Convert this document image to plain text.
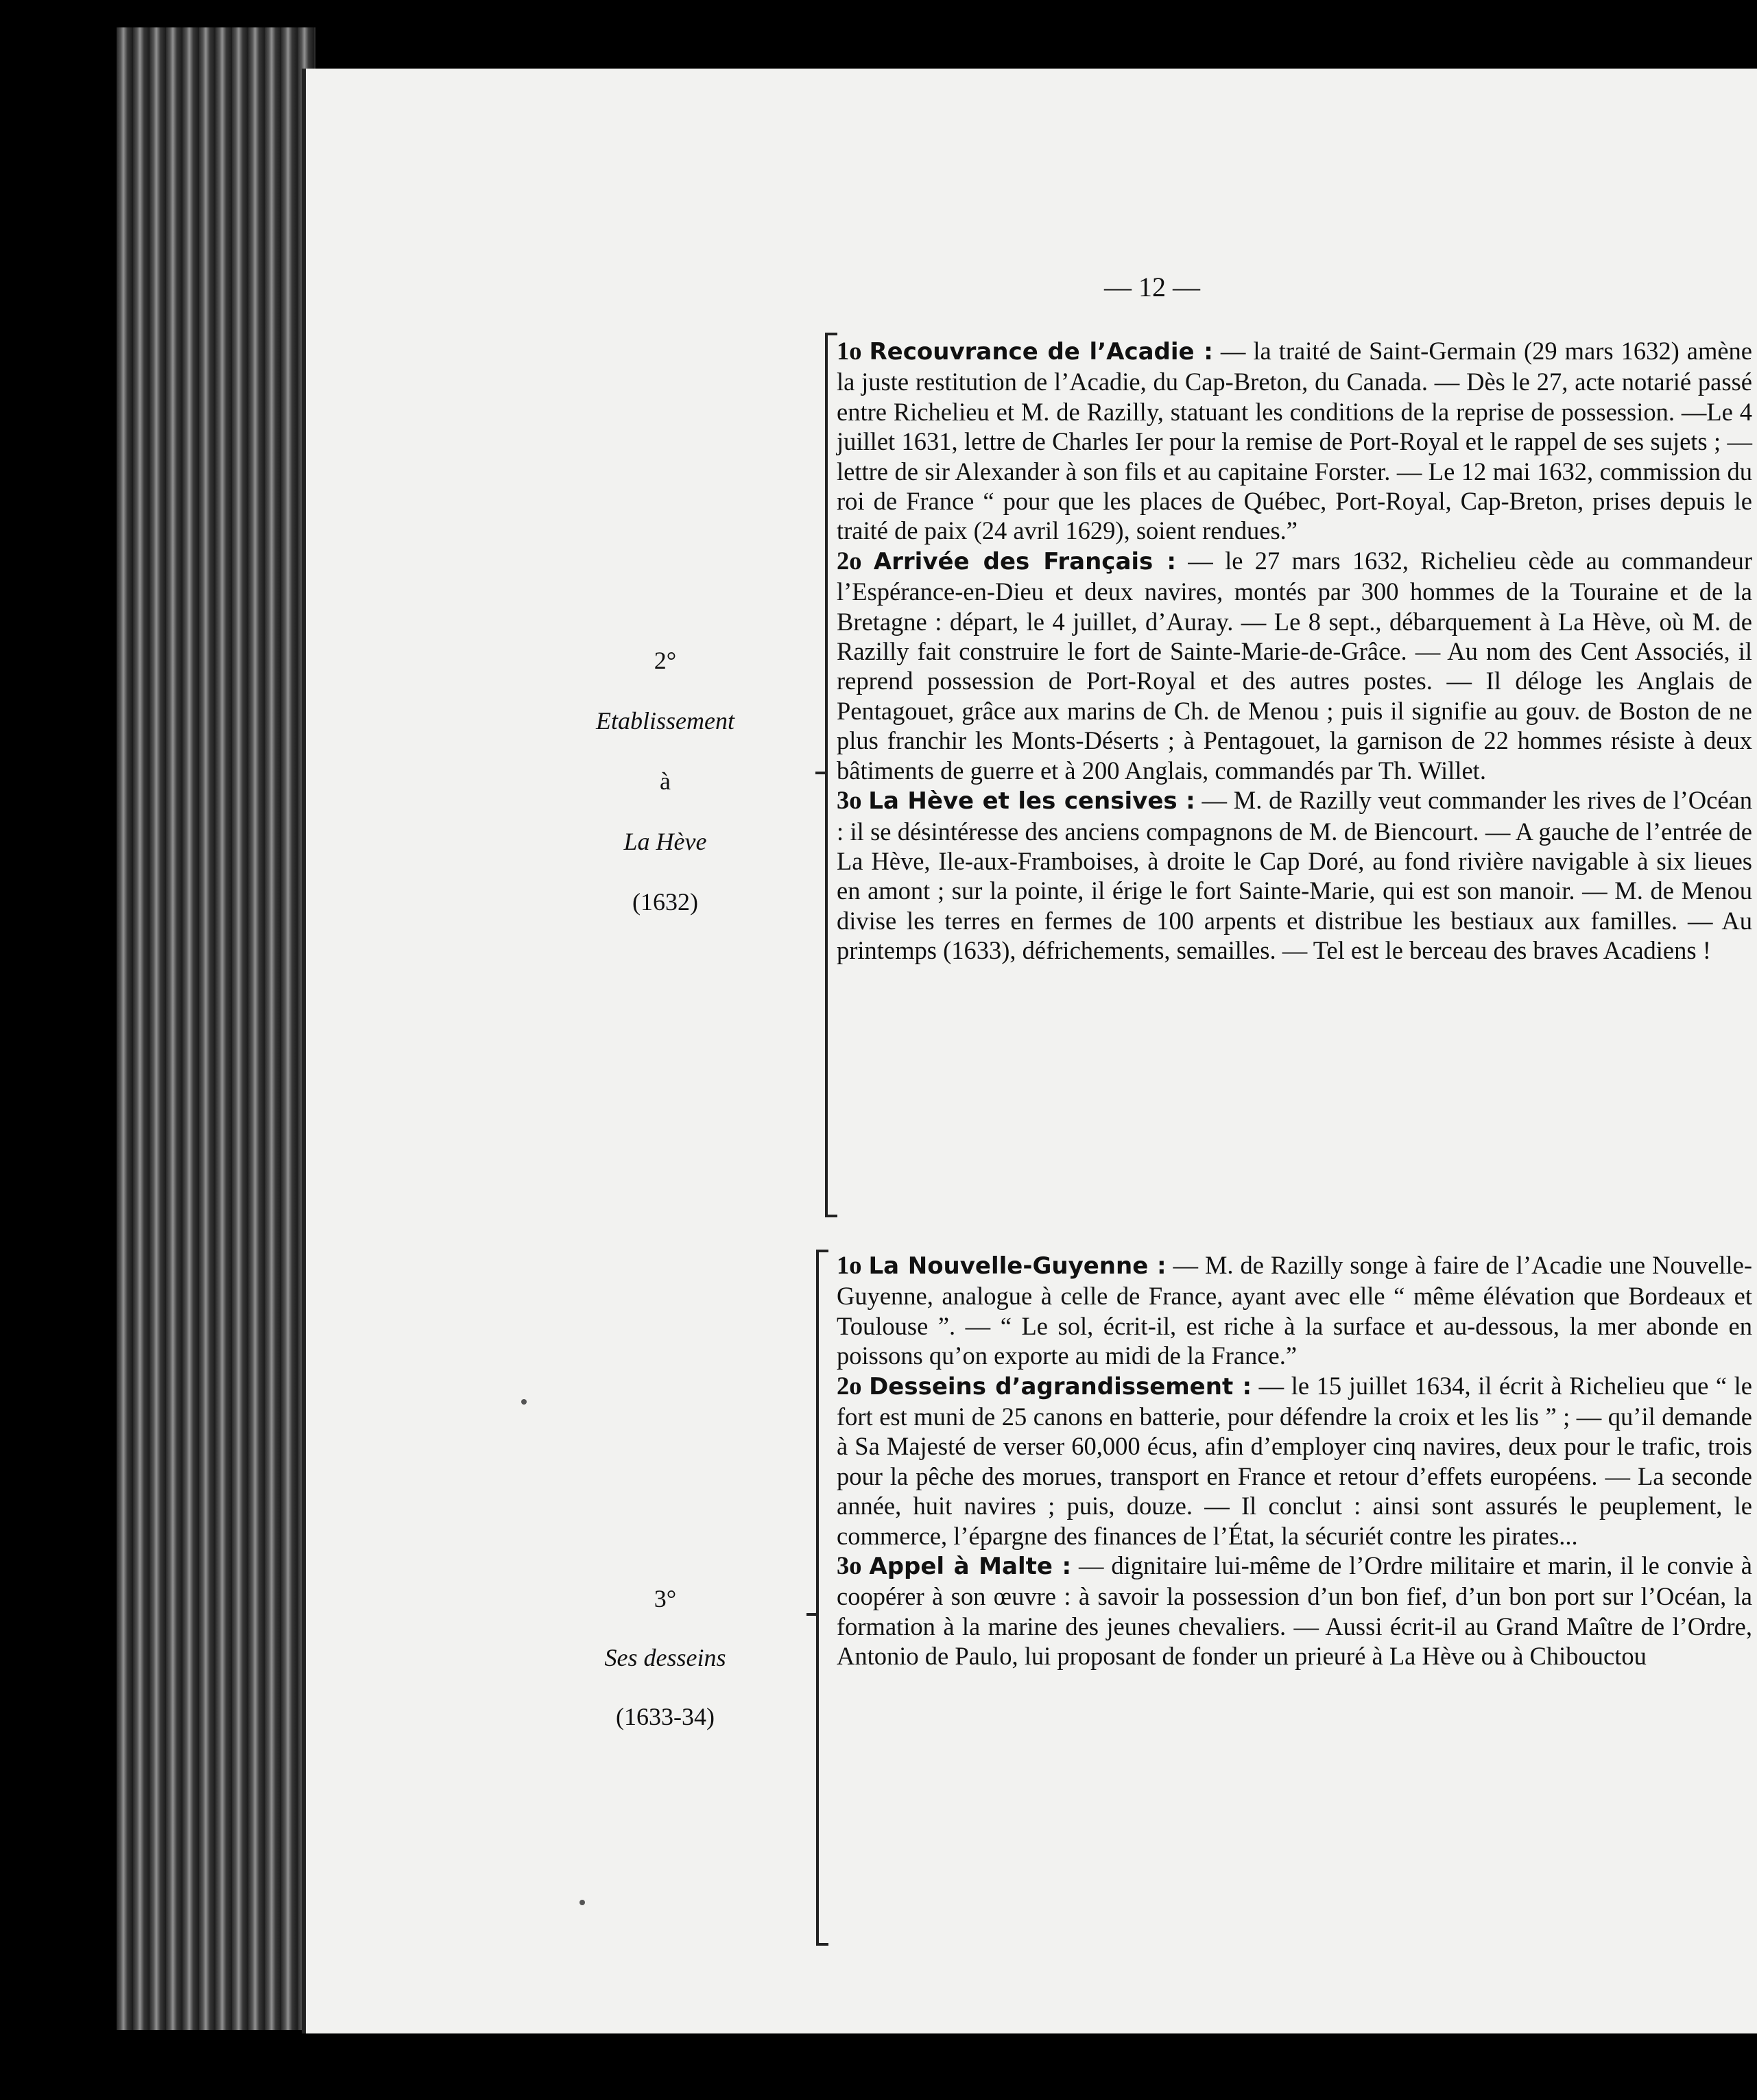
— 12 —
2°
Etablissement
à
La Hève
(1632)
3°
Ses desseins
(1633-34)

1o Recouvrance de l’Acadie : — la traité de Saint-Germain (29 mars 1632) amène la juste restitution de l’Acadie, du Cap-Breton, du Canada. — Dès le 27, acte notarié passé entre Richelieu et M. de Razilly, statuant les conditions de la reprise de possession. —Le 4 juillet 1631, lettre de Charles Ier pour la remise de Port-Royal et le rappel de ses sujets ; — lettre de sir Alexander à son fils et au capitaine Forster. — Le 12 mai 1632, commission du roi de France “ pour que les places de Québec, Port-Royal, Cap-Breton, prises depuis le traité de paix (24 avril 1629), soient rendues.”

2o Arrivée des Français : — le 27 mars 1632, Richelieu cède au commandeur l’Espérance-en-Dieu et deux navires, montés par 300 hommes de la Touraine et de la Bretagne : départ, le 4 juillet, d’Auray. — Le 8 sept., débarquement à La Hève, où M. de Razilly fait construire le fort de Sainte-Marie-de-Grâce. — Au nom des Cent Associés, il reprend possession de Port-Royal et des autres postes. — Il déloge les Anglais de Pentagouet, grâce aux marins de Ch. de Menou ; puis il signifie au gouv. de Boston de ne plus franchir les Monts-Déserts ; à Pentagouet, la garnison de 22 hommes résiste à deux bâtiments de guerre et à 200 Anglais, commandés par Th. Willet.

3o La Hève et les censives : — M. de Razilly veut commander les rives de l’Océan : il se désintéresse des anciens compagnons de M. de Biencourt. — A gauche de l’entrée de La Hève, Ile-aux-Framboises, à droite le Cap Doré, au fond rivière navigable à six lieues en amont ; sur la pointe, il érige le fort Sainte-Marie, qui est son manoir. — M. de Menou divise les terres en fermes de 100 arpents et distribue les bestiaux aux familles. — Au printemps (1633), défrichements, semailles. — Tel est le berceau des braves Acadiens !

1o La Nouvelle-Guyenne : — M. de Razilly songe à faire de l’Acadie une Nouvelle-Guyenne, analogue à celle de France, ayant avec elle “ même élévation que Bordeaux et Toulouse ”. — “ Le sol, écrit-il, est riche à la surface et au-dessous, la mer abonde en poissons qu’on exporte au midi de la France.”

2o Desseins d’agrandissement : — le 15 juillet 1634, il écrit à Richelieu que “ le fort est muni de 25 canons en batterie, pour défendre la croix et les lis ” ; — qu’il demande à Sa Majesté de verser 60,000 écus, afin d’employer cinq navires, deux pour le trafic, trois pour la pêche des morues, transport en France et retour d’effets européens. — La seconde année, huit navires ; puis, douze. — Il conclut : ainsi sont assurés le peuplement, le commerce, l’épargne des finances de l’État, la sécuriét contre les pirates...

3o Appel à Malte : — dignitaire lui-même de l’Ordre militaire et marin, il le convie à coopérer à son œuvre : à savoir la possession d’un bon fief, d’un bon port sur l’Océan, la formation à la marine des jeunes chevaliers. — Aussi écrit-il au Grand Maître de l’Ordre, Antonio de Paulo, lui proposant de fonder un prieuré à La Hève ou à Chibouctou
